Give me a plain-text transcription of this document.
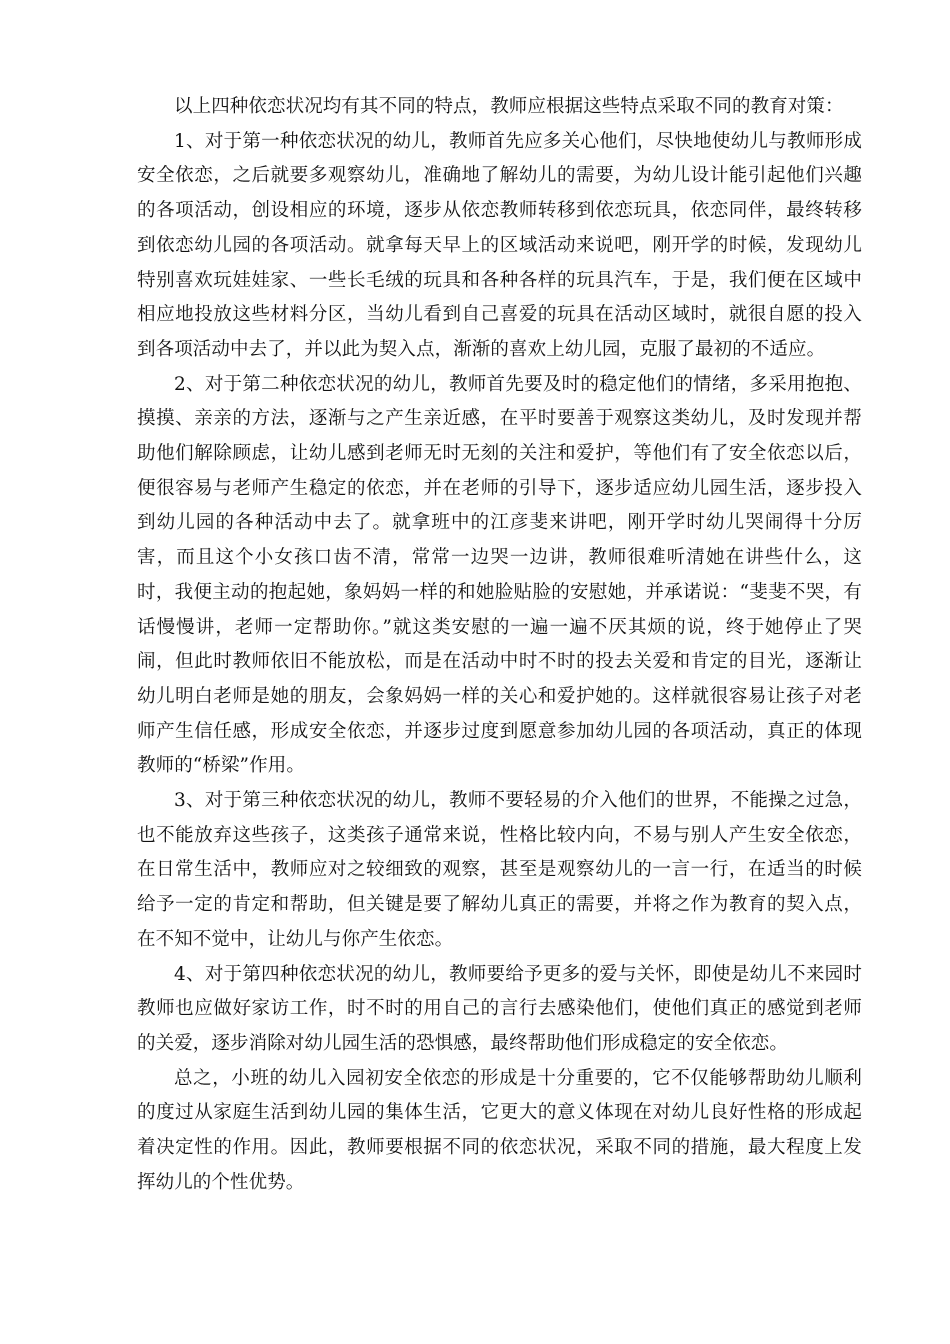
以上四种依恋状况均有其不同的特点，教师应根据这些特点采取不同的教育对策：

1、对于第一种依恋状况的幼儿，教师首先应多关心他们，尽快地使幼儿与教师形成安全依恋，之后就要多观察幼儿，准确地了解幼儿的需要，为幼儿设计能引起他们兴趣的各项活动，创设相应的环境，逐步从依恋教师转移到依恋玩具，依恋同伴，最终转移到依恋幼儿园的各项活动。就拿每天早上的区域活动来说吧，刚开学的时候，发现幼儿特别喜欢玩娃娃家、一些长毛绒的玩具和各种各样的玩具汽车，于是，我们便在区域中相应地投放这些材料分区，当幼儿看到自己喜爱的玩具在活动区域时，就很自愿的投入到各项活动中去了，并以此为契入点，渐渐的喜欢上幼儿园，克服了最初的不适应。

2、对于第二种依恋状况的幼儿，教师首先要及时的稳定他们的情绪，多采用抱抱、摸摸、亲亲的方法，逐渐与之产生亲近感，在平时要善于观察这类幼儿，及时发现并帮助他们解除顾虑，让幼儿感到老师无时无刻的关注和爱护，等他们有了安全依恋以后，便很容易与老师产生稳定的依恋，并在老师的引导下，逐步适应幼儿园生活，逐步投入到幼儿园的各种活动中去了。就拿班中的江彦斐来讲吧，刚开学时幼儿哭闹得十分厉害，而且这个小女孩口齿不清，常常一边哭一边讲，教师很难听清她在讲些什么，这时，我便主动的抱起她，象妈妈一样的和她脸贴脸的安慰她，并承诺说：“斐斐不哭，有话慢慢讲，老师一定帮助你。”就这类安慰的一遍一遍不厌其烦的说，终于她停止了哭闹，但此时教师依旧不能放松，而是在活动中时不时的投去关爱和肯定的目光，逐渐让幼儿明白老师是她的朋友，会象妈妈一样的关心和爱护她的。这样就很容易让孩子对老师产生信任感，形成安全依恋，并逐步过度到愿意参加幼儿园的各项活动，真正的体现教师的“桥梁”作用。

3、对于第三种依恋状况的幼儿，教师不要轻易的介入他们的世界，不能操之过急，也不能放弃这些孩子，这类孩子通常来说，性格比较内向，不易与别人产生安全依恋，在日常生活中，教师应对之较细致的观察，甚至是观察幼儿的一言一行，在适当的时候给予一定的肯定和帮助，但关键是要了解幼儿真正的需要，并将之作为教育的契入点，在不知不觉中，让幼儿与你产生依恋。

4、对于第四种依恋状况的幼儿，教师要给予更多的爱与关怀，即使是幼儿不来园时教师也应做好家访工作，时不时的用自己的言行去感染他们，使他们真正的感觉到老师的关爱，逐步消除对幼儿园生活的恐惧感，最终帮助他们形成稳定的安全依恋。

总之，小班的幼儿入园初安全依恋的形成是十分重要的，它不仅能够帮助幼儿顺利的度过从家庭生活到幼儿园的集体生活，它更大的意义体现在对幼儿良好性格的形成起着决定性的作用。因此，教师要根据不同的依恋状况，采取不同的措施，最大程度上发挥幼儿的个性优势。
